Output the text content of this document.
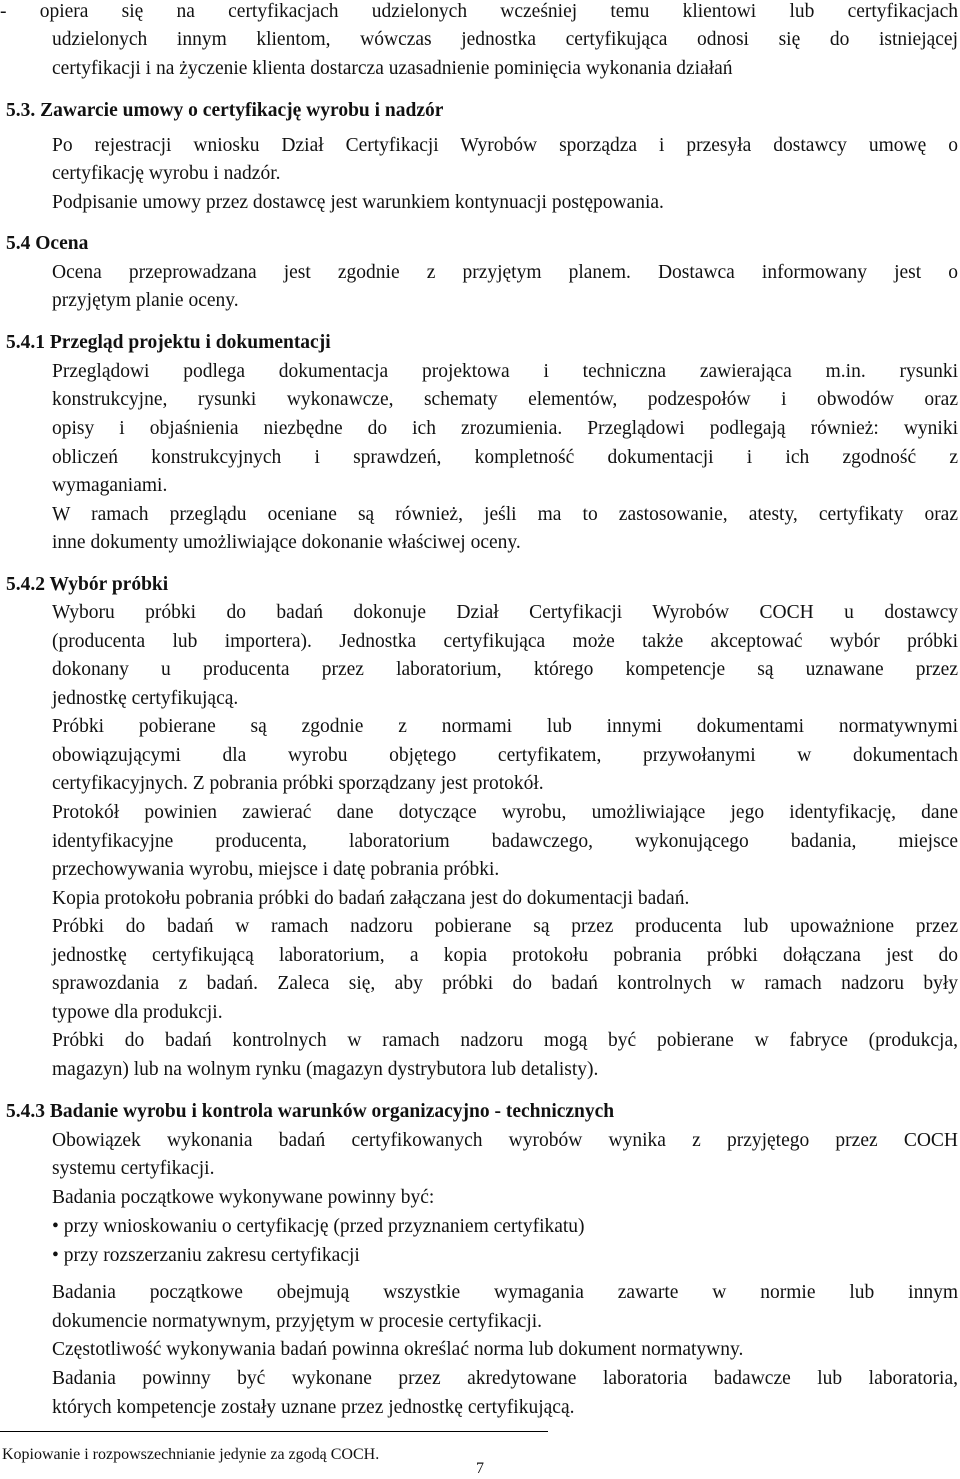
- opiera się na certyfikacjach udzielonych wcześniej temu klientowi lub certyfikacjach
udzielonych innym klientom, wówczas jednostka certyfikująca odnosi się do istniejącej
certyfikacji i na życzenie klienta dostarcza uzasadnienie pominięcia wykonania działań
5.3. Zawarcie umowy o certyfikację wyrobu i nadzór
Po rejestracji wniosku Dział Certyfikacji Wyrobów sporządza i przesyła dostawcy umowę o
certyfikację wyrobu i nadzór.
Podpisanie umowy przez dostawcę jest warunkiem kontynuacji postępowania.
5.4 Ocena
Ocena przeprowadzana jest zgodnie z przyjętym planem. Dostawca informowany jest o
przyjętym planie oceny.
5.4.1 Przegląd projektu i dokumentacji
Przeglądowi podlega dokumentacja projektowa i techniczna zawierająca m.in. rysunki
konstrukcyjne, rysunki wykonawcze, schematy elementów, podzespołów i obwodów oraz
opisy i objaśnienia niezbędne do ich zrozumienia. Przeglądowi podlegają również: wyniki
obliczeń konstrukcyjnych i sprawdzeń, kompletność dokumentacji i ich zgodność z
wymaganiami.
W ramach przeglądu oceniane są również, jeśli ma to zastosowanie, atesty, certyfikaty oraz
inne dokumenty umożliwiające dokonanie właściwej oceny.
5.4.2 Wybór próbki
Wyboru próbki do badań dokonuje Dział Certyfikacji Wyrobów COCH u dostawcy
(producenta lub importera). Jednostka certyfikująca może także akceptować wybór próbki
dokonany u producenta przez laboratorium, którego kompetencje są uznawane przez
jednostkę certyfikującą.
Próbki pobierane są zgodnie z normami lub innymi dokumentami normatywnymi
obowiązującymi dla wyrobu objętego certyfikatem, przywołanymi w dokumentach
certyfikacyjnych. Z pobrania próbki sporządzany jest protokół.
Protokół powinien zawierać dane dotyczące wyrobu, umożliwiające jego identyfikację, dane
identyfikacyjne producenta, laboratorium badawczego, wykonującego badania, miejsce
przechowywania wyrobu, miejsce i datę pobrania próbki.
Kopia protokołu pobrania próbki do badań załączana jest do dokumentacji badań.
Próbki do badań w ramach nadzoru pobierane są przez producenta lub upoważnione przez
jednostkę certyfikującą laboratorium, a kopia protokołu pobrania próbki dołączana jest do
sprawozdania z badań. Zaleca się, aby próbki do badań kontrolnych w ramach nadzoru były
typowe dla produkcji.
Próbki do badań kontrolnych w ramach nadzoru mogą być pobierane w fabryce (produkcja,
magazyn) lub na wolnym rynku (magazyn dystrybutora lub detalisty).
5.4.3 Badanie wyrobu i kontrola warunków organizacyjno - technicznych
Obowiązek wykonania badań certyfikowanych wyrobów wynika z przyjętego przez COCH
systemu certyfikacji.
Badania początkowe wykonywane powinny być:
• przy wnioskowaniu o certyfikację (przed przyznaniem certyfikatu)
• przy rozszerzaniu zakresu certyfikacji
Badania początkowe obejmują wszystkie wymagania zawarte w normie lub innym
dokumencie normatywnym, przyjętym w procesie certyfikacji.
Częstotliwość wykonywania badań powinna określać norma lub dokument normatywny.
Badania powinny być wykonane przez akredytowane laboratoria badawcze lub laboratoria,
których kompetencje zostały uznane przez jednostkę certyfikującą.
Kopiowanie i rozpowszechnianie jedynie za zgodą COCH.
7
